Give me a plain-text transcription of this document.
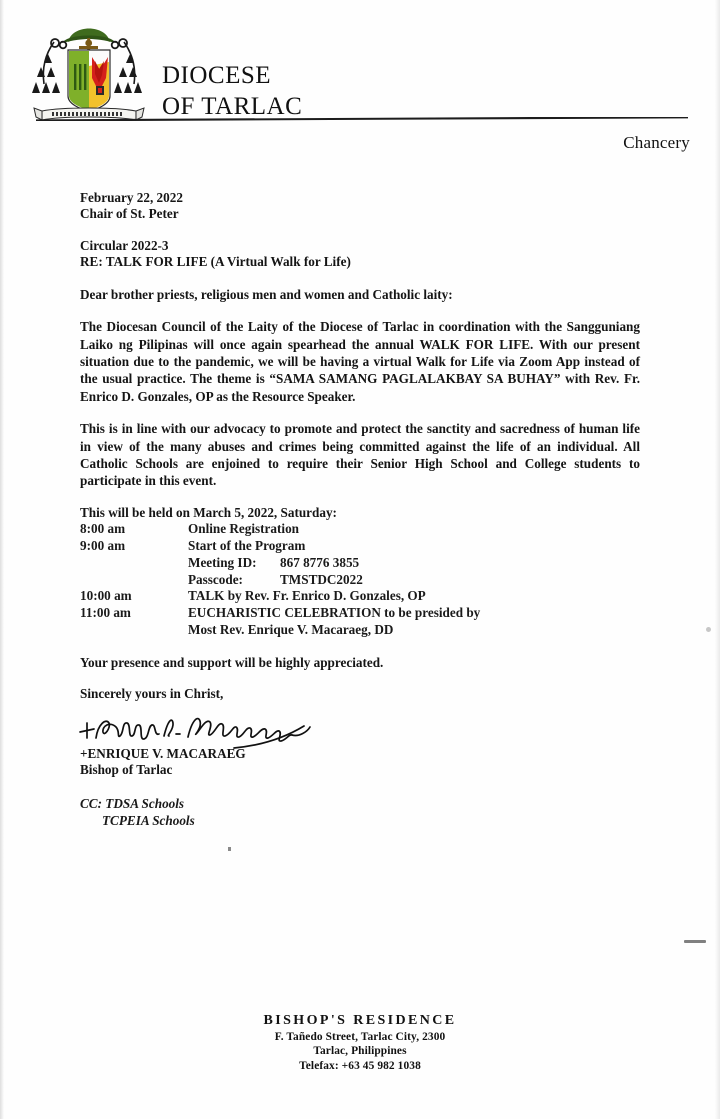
DIOCESE
OF TARLAC
Chancery
February 22, 2022
Chair of St. Peter
Circular 2022-3
RE: TALK FOR LIFE (A Virtual Walk for Life)
Dear brother priests, religious men and women and Catholic laity:
The Diocesan Council of the Laity of the Diocese of Tarlac in coordination with the Sangguniang Laiko ng Pilipinas will once again spearhead the annual WALK FOR LIFE. With our present situation due to the pandemic, we will be having a virtual Walk for Life via Zoom App instead of the usual practice. The theme is “SAMA SAMANG PAGLALAKBAY SA BUHAY” with Rev. Fr. Enrico D. Gonzales, OP as the Resource Speaker.
This is in line with our advocacy to promote and protect the sanctity and sacredness of human life in view of the many abuses and crimes being committed against the life of an individual. All Catholic Schools are enjoined to require their Senior High School and College students to participate in this event.
This will be held on March 5, 2022, Saturday:
8:00 am	Online Registration	
9:00 am	Start of the Program	
	Meeting ID:	867 8776 3855
	Passcode:	TMSTDC2022
10:00 am	TALK by Rev. Fr. Enrico D. Gonzales, OP	
11:00 am	EUCHARISTIC CELEBRATION to be presided by	
	Most Rev. Enrique V. Macaraeg, DD	
Your presence and support will be highly appreciated.
Sincerely yours in Christ,
+ENRIQUE V. MACARAEG
Bishop of Tarlac
CC: TDSA Schools
TCPEIA Schools
BISHOP'S RESIDENCE
F. Tañedo Street, Tarlac City, 2300
Tarlac, Philippines
Telefax: +63 45 982 1038
